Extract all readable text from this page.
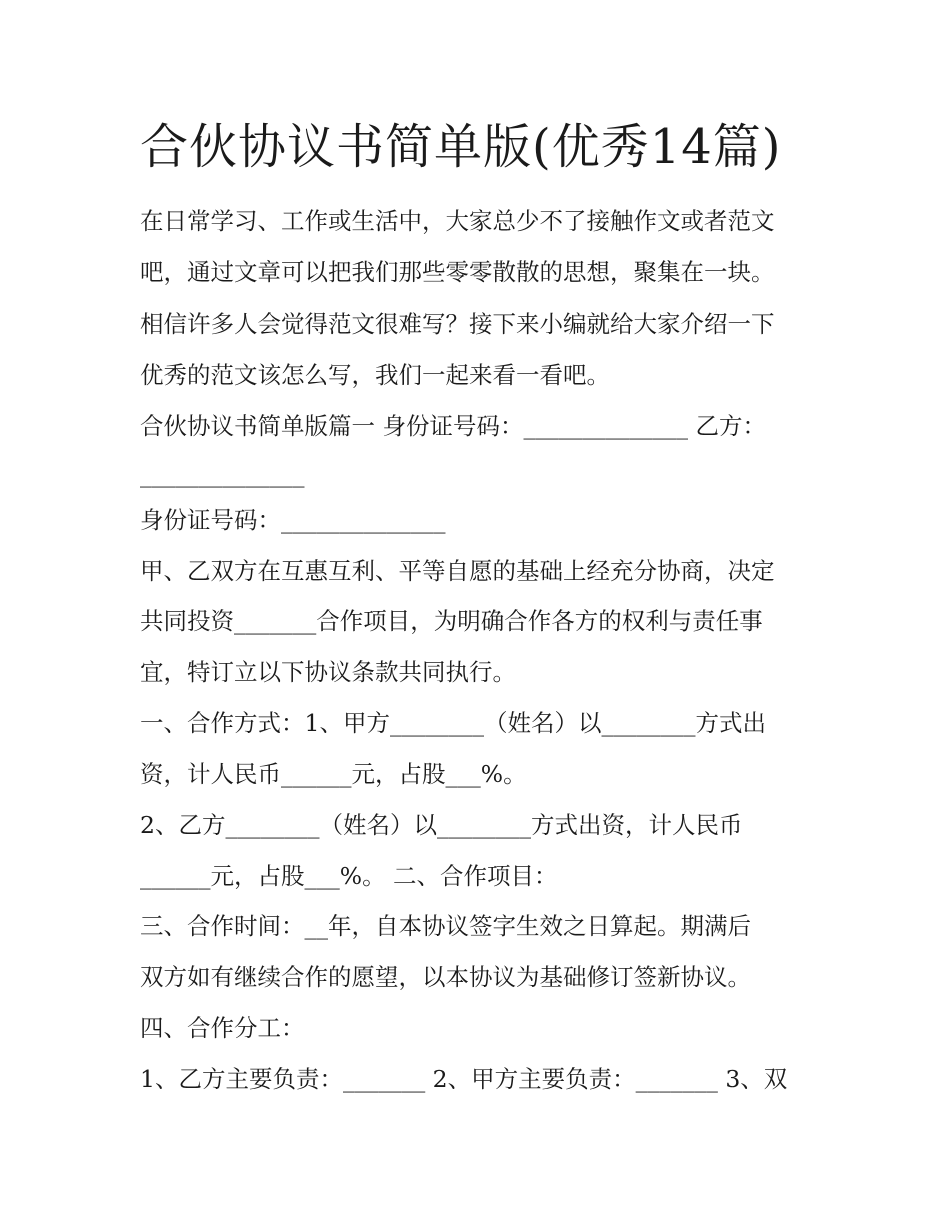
合伙协议书简单版(优秀14篇)

在日常学习、工作或生活中，大家总少不了接触作文或者范文

吧，通过文章可以把我们那些零零散散的思想，聚集在一块。

相信许多人会觉得范文很难写？接下来小编就给大家介绍一下

优秀的范文该怎么写，我们一起来看一看吧。

合伙协议书简单版篇一 身份证号码：______________ 乙方：

______________

身份证号码：______________

甲、乙双方在互惠互利、平等自愿的基础上经充分协商，决定

共同投资_______合作项目，为明确合作各方的权利与责任事

宜，特订立以下协议条款共同执行。

一、合作方式：1、甲方________（姓名）以________方式出

资，计人民币______元，占股___%。

2、乙方________（姓名）以________方式出资，计人民币

______元，占股___%。 二、合作项目：

三、合作时间：__年，自本协议签字生效之日算起。期满后

双方如有继续合作的愿望，以本协议为基础修订签新协议。

四、合作分工：

1、乙方主要负责：_______ 2、甲方主要负责：_______ 3、双
